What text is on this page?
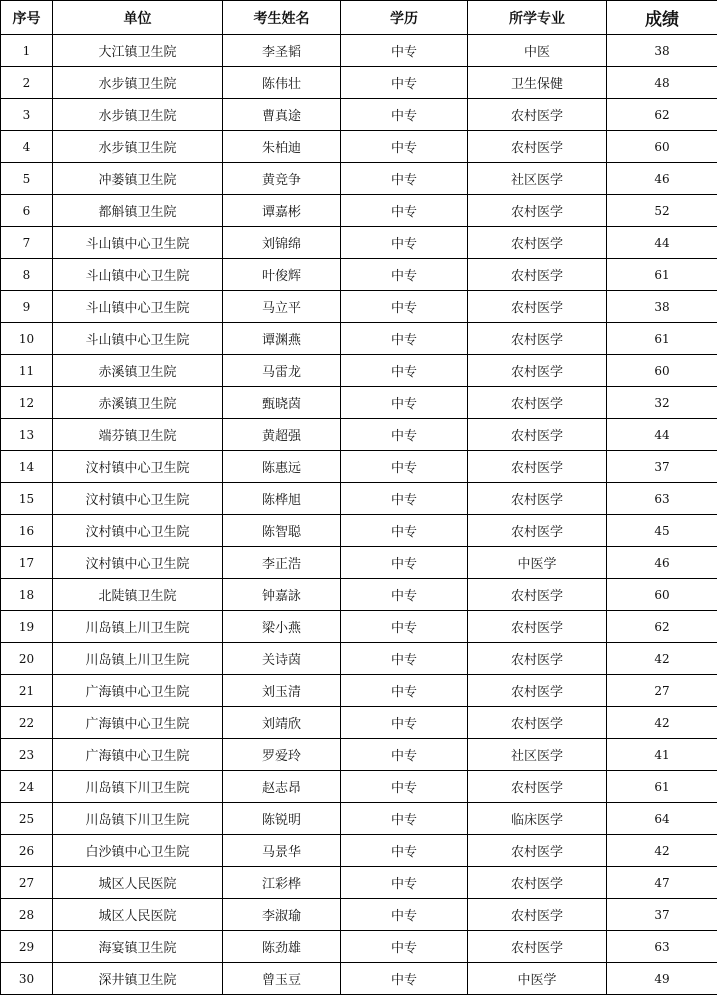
序号	单位	考生姓名	学历	所学专业	成绩
1	大江镇卫生院	李圣韬	中专	中医	38
2	水步镇卫生院	陈伟壮	中专	卫生保健	48
3	水步镇卫生院	曹真途	中专	农村医学	62
4	水步镇卫生院	朱柏迪	中专	农村医学	60
5	冲蒌镇卫生院	黄竞争	中专	社区医学	46
6	都斛镇卫生院	谭嘉彬	中专	农村医学	52
7	斗山镇中心卫生院	刘锦绵	中专	农村医学	44
8	斗山镇中心卫生院	叶俊辉	中专	农村医学	61
9	斗山镇中心卫生院	马立平	中专	农村医学	38
10	斗山镇中心卫生院	谭渊燕	中专	农村医学	61
11	赤溪镇卫生院	马雷龙	中专	农村医学	60
12	赤溪镇卫生院	甄晓茵	中专	农村医学	32
13	端芬镇卫生院	黄超强	中专	农村医学	44
14	汶村镇中心卫生院	陈惠远	中专	农村医学	37
15	汶村镇中心卫生院	陈桦旭	中专	农村医学	63
16	汶村镇中心卫生院	陈智聪	中专	农村医学	45
17	汶村镇中心卫生院	李正浩	中专	中医学	46
18	北陡镇卫生院	钟嘉詠	中专	农村医学	60
19	川岛镇上川卫生院	梁小燕	中专	农村医学	62
20	川岛镇上川卫生院	关诗茵	中专	农村医学	42
21	广海镇中心卫生院	刘玉清	中专	农村医学	27
22	广海镇中心卫生院	刘靖欣	中专	农村医学	42
23	广海镇中心卫生院	罗爱玲	中专	社区医学	41
24	川岛镇下川卫生院	赵志昂	中专	农村医学	61
25	川岛镇下川卫生院	陈锐明	中专	临床医学	64
26	白沙镇中心卫生院	马景华	中专	农村医学	42
27	城区人民医院	江彩桦	中专	农村医学	47
28	城区人民医院	李淑瑜	中专	农村医学	37
29	海宴镇卫生院	陈劲雄	中专	农村医学	63
30	深井镇卫生院	曾玉豆	中专	中医学	49
